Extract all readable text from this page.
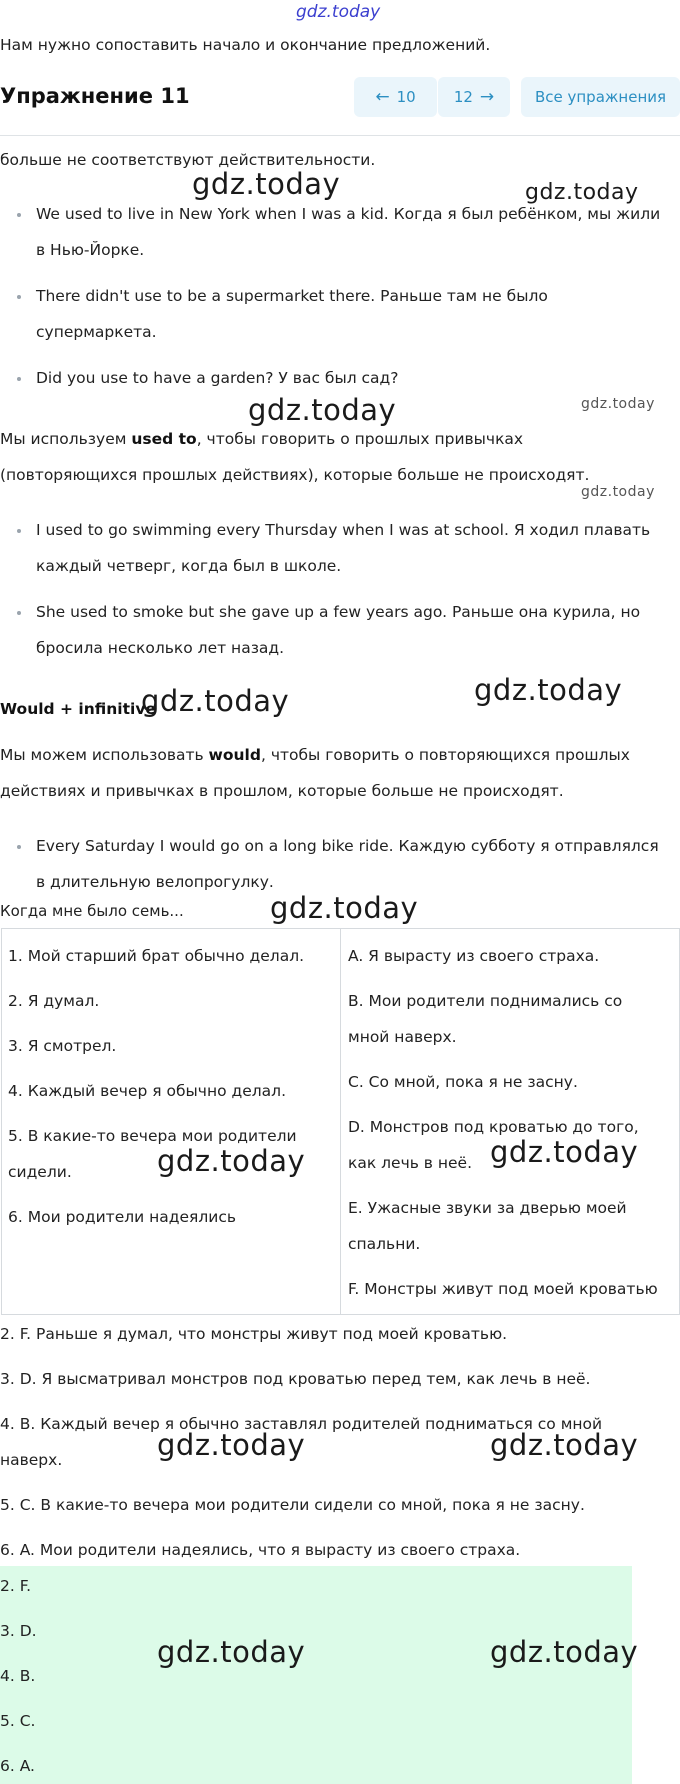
gdz.today
Нам нужно сопоставить начало и окончание предложений.
Упражнение 11	← 10	12 →	Все упражнения
больше не соответствуют действительности.
We used to live in New York when I was a kid. Когда я был ребёнком, мы жили
в Нью-Йорке.
There didn't use to be a supermarket there. Раньше там не было
супермаркета.
Did you use to have a garden? У вас был сад?
Мы используем used to, чтобы говорить о прошлых привычках
(повторяющихся прошлых действиях), которые больше не происходят.
I used to go swimming every Thursday when I was at school. Я ходил плавать
каждый четверг, когда был в школе.
She used to smoke but she gave up a few years ago. Раньше она курила, но
бросила несколько лет назад.
Would + infinitive
Мы можем использовать would, чтобы говорить о повторяющихся прошлых
действиях и привычках в прошлом, которые больше не происходят.
Every Saturday I would go on a long bike ride. Каждую субботу я отправлялся
в длительную велопрогулку.
Когда мне было семь...
1. Мой старший брат обычно делал.
2. Я думал.
3. Я смотрел.
4. Каждый вечер я обычно делал.
5. В какие-то вечера мои родители
сидели.
6. Мои родители надеялись
A. Я вырасту из своего страха.
B. Мои родители поднимались со
мной наверх.
C. Со мной, пока я не засну.
D. Монстров под кроватью до того,
как лечь в неё.
E. Ужасные звуки за дверью моей
спальни.
F. Монстры живут под моей кроватью
2. F. Раньше я думал, что монстры живут под моей кроватью.
3. D. Я высматривал монстров под кроватью перед тем, как лечь в неё.
4. B. Каждый вечер я обычно заставлял родителей подниматься со мной
наверх.
5. C. В какие-то вечера мои родители сидели со мной, пока я не засну.
6. A. Мои родители надеялись, что я вырасту из своего страха.
2. F.
3. D.
4. B.
5. C.
6. A.
gdz.today	gdz.today
gdz.today	gdz.today
gdz.today
gdz.today
gdz.today
gdz.today
gdz.today
gdz.today
gdz.today	gdz.today
gdz.today	gdz.today
